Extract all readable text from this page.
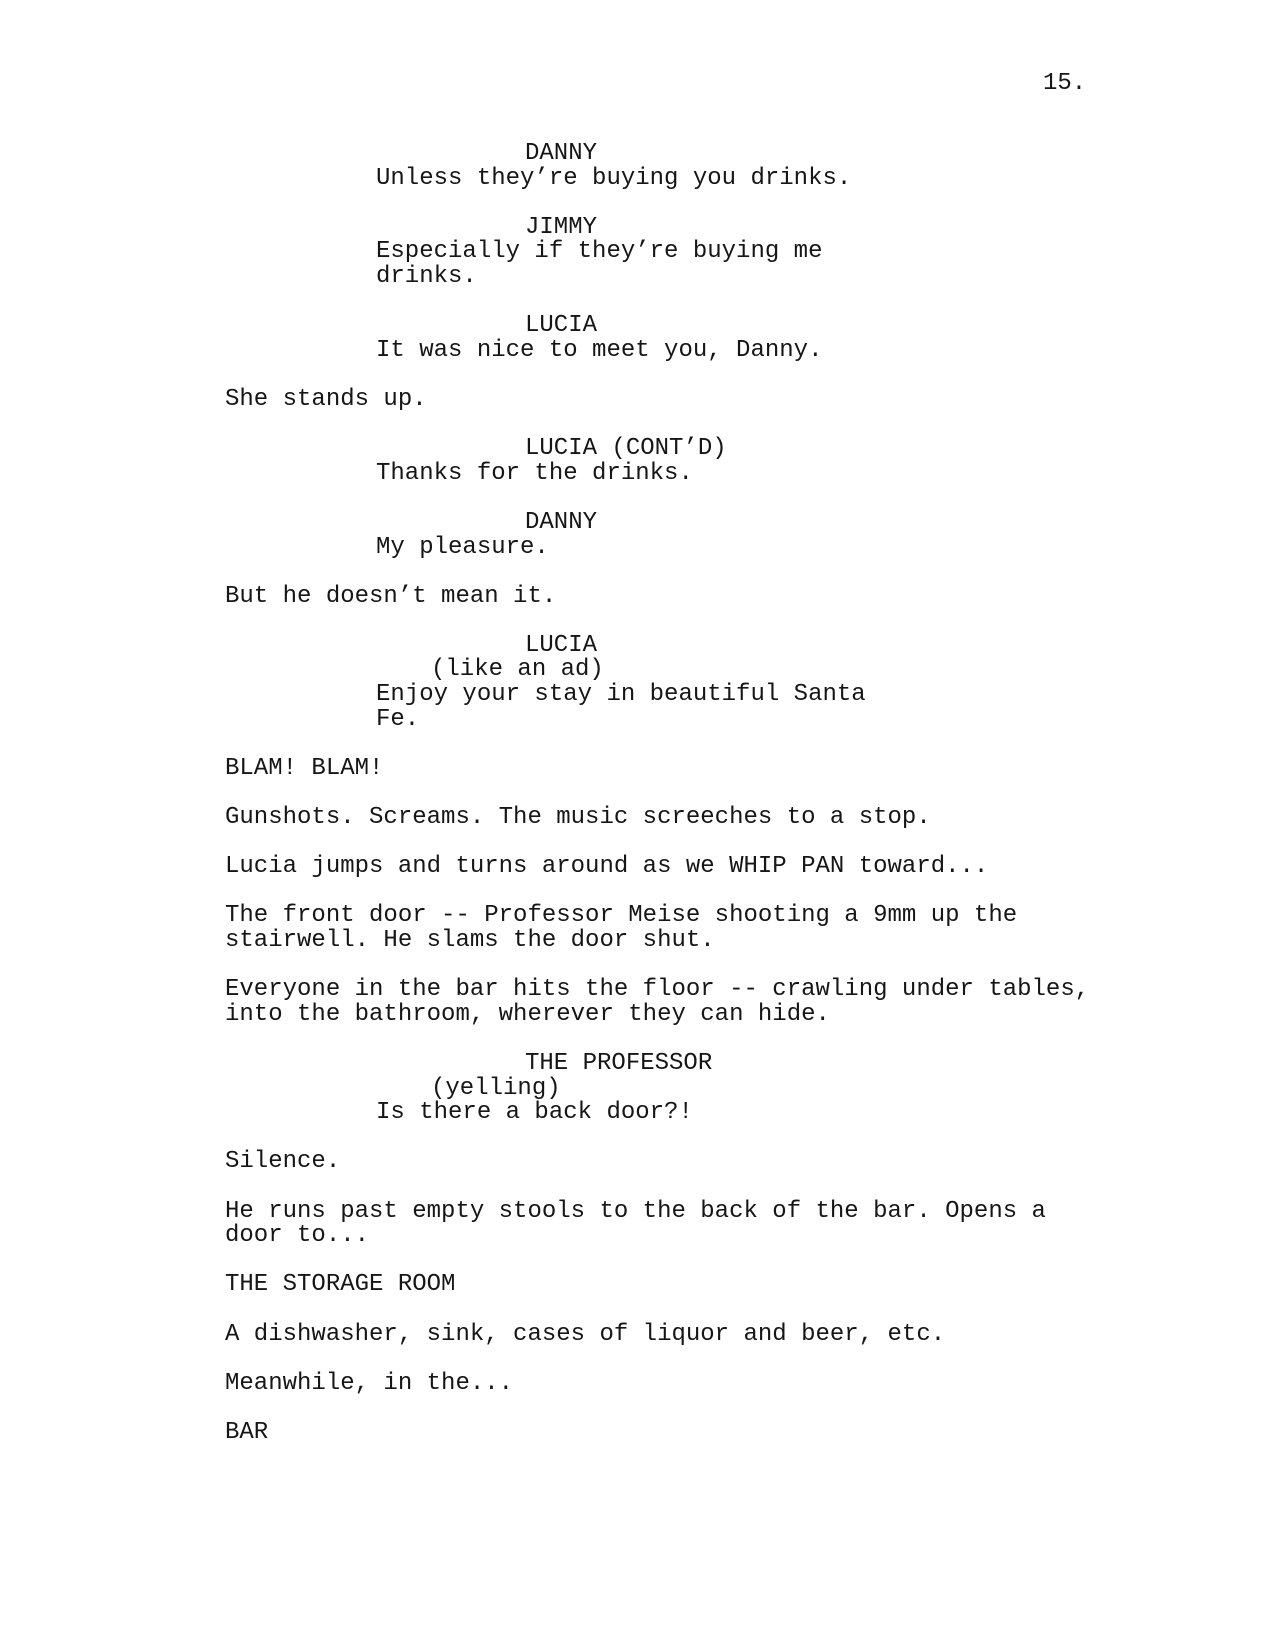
15.
DANNY
Unless they’re buying you drinks.
JIMMY
Especially if they’re buying me
drinks.
LUCIA
It was nice to meet you, Danny.
She stands up.
LUCIA (CONT’D)
Thanks for the drinks.
DANNY
My pleasure.
But he doesn’t mean it.
LUCIA
(like an ad)
Enjoy your stay in beautiful Santa
Fe.
BLAM! BLAM!
Gunshots. Screams. The music screeches to a stop.
Lucia jumps and turns around as we WHIP PAN toward...
The front door -- Professor Meise shooting a 9mm up the
stairwell. He slams the door shut.
Everyone in the bar hits the floor -- crawling under tables,
into the bathroom, wherever they can hide.
THE PROFESSOR
(yelling)
Is there a back door?!
Silence.
He runs past empty stools to the back of the bar. Opens a
door to...
THE STORAGE ROOM
A dishwasher, sink, cases of liquor and beer, etc.
Meanwhile, in the...
BAR
